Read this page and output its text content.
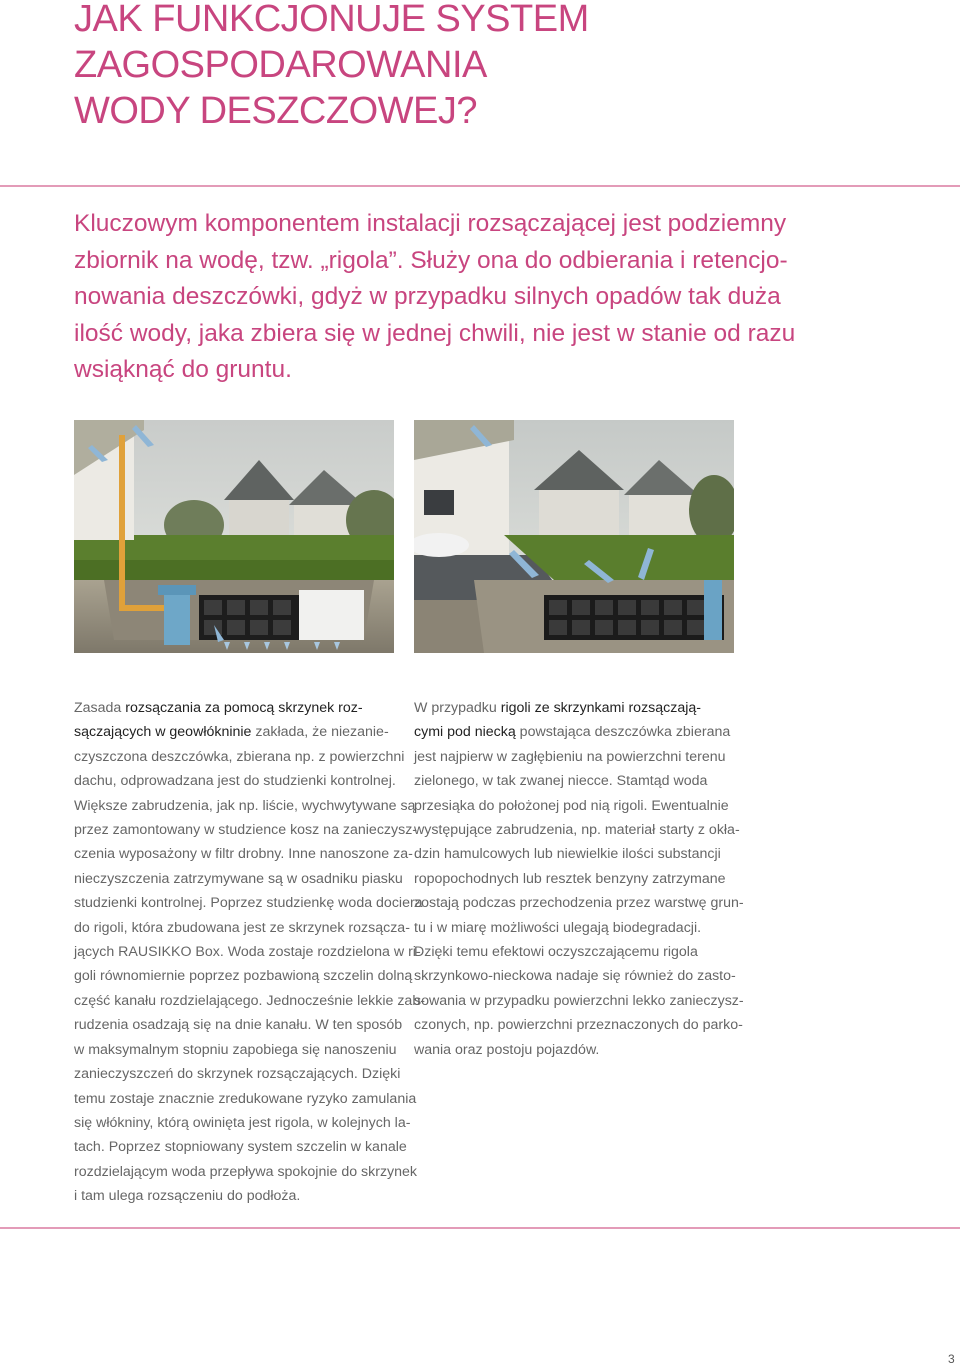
JAK FUNKCJONUJE SYSTEM ZAGOSPODAROWANIA
WODY DESZCZOWEJ?

Kluczowym komponentem instalacji rozsączającej jest podziemny
zbiornik na wodę, tzw. „rigola”. Służy ona do odbierania i retencjo-
nowania deszczówki, gdyż w przypadku silnych opadów tak duża
ilość wody, jaka zbiera się w jednej chwili, nie jest w stanie od razu
wsiąknąć do gruntu.

Zasada rozsączania za pomocą skrzynek roz-
sączających w geowłókninie zakłada, że niezanie-
czyszczona deszczówka, zbierana np. z powierzchni
dachu, odprowadzana jest do studzienki kontrolnej.
Większe zabrudzenia, jak np. liście, wychwytywane są
przez zamontowany w studzience kosz na zanieczysz-
czenia wyposażony w filtr drobny. Inne nanoszone za-
nieczyszczenia zatrzymywane są w osadniku piasku
studzienki kontrolnej. Poprzez studzienkę woda dociera
do rigoli, która zbudowana jest ze skrzynek rozsącza-
jących RAUSIKKO Box. Woda zostaje rozdzielona w ri-
goli równomiernie poprzez pozbawioną szczelin dolną
część kanału rozdzielającego. Jednocześnie lekkie zab-
rudzenia osadzają się na dnie kanału. W ten sposób
w maksymalnym stopniu zapobiega się nanoszeniu
zanieczyszczeń do skrzynek rozsączających. Dzięki
temu zostaje znacznie zredukowane ryzyko zamulania
się włókniny, którą owinięta jest rigola, w kolejnych la-
tach. Poprzez stopniowany system szczelin w kanale
rozdzielającym woda przepływa spokojnie do skrzynek
i tam ulega rozsączeniu do podłoża.

W przypadku rigoli ze skrzynkami rozsączają-
cymi pod niecką powstająca deszczówka zbierana
jest najpierw w zagłębieniu na powierzchni terenu
zielonego, w tak zwanej niecce. Stamtąd woda
przesiąka do położonej pod nią rigoli. Ewentualnie
występujące zabrudzenia, np. materiał starty z okła-
dzin hamulcowych lub niewielkie ilości substancji
ropopochodnych lub resztek benzyny zatrzymane
zostają podczas przechodzenia przez warstwę grun-
tu i w miarę możliwości ulegają biodegradacji.
Dzięki temu efektowi oczyszczającemu rigola
skrzynkowo-nieckowa nadaje się również do zasto-
sowania w przypadku powierzchni lekko zanieczysz-
czonych, np. powierzchni przeznaczonych do parko-
wania oraz postoju pojazdów.

3
